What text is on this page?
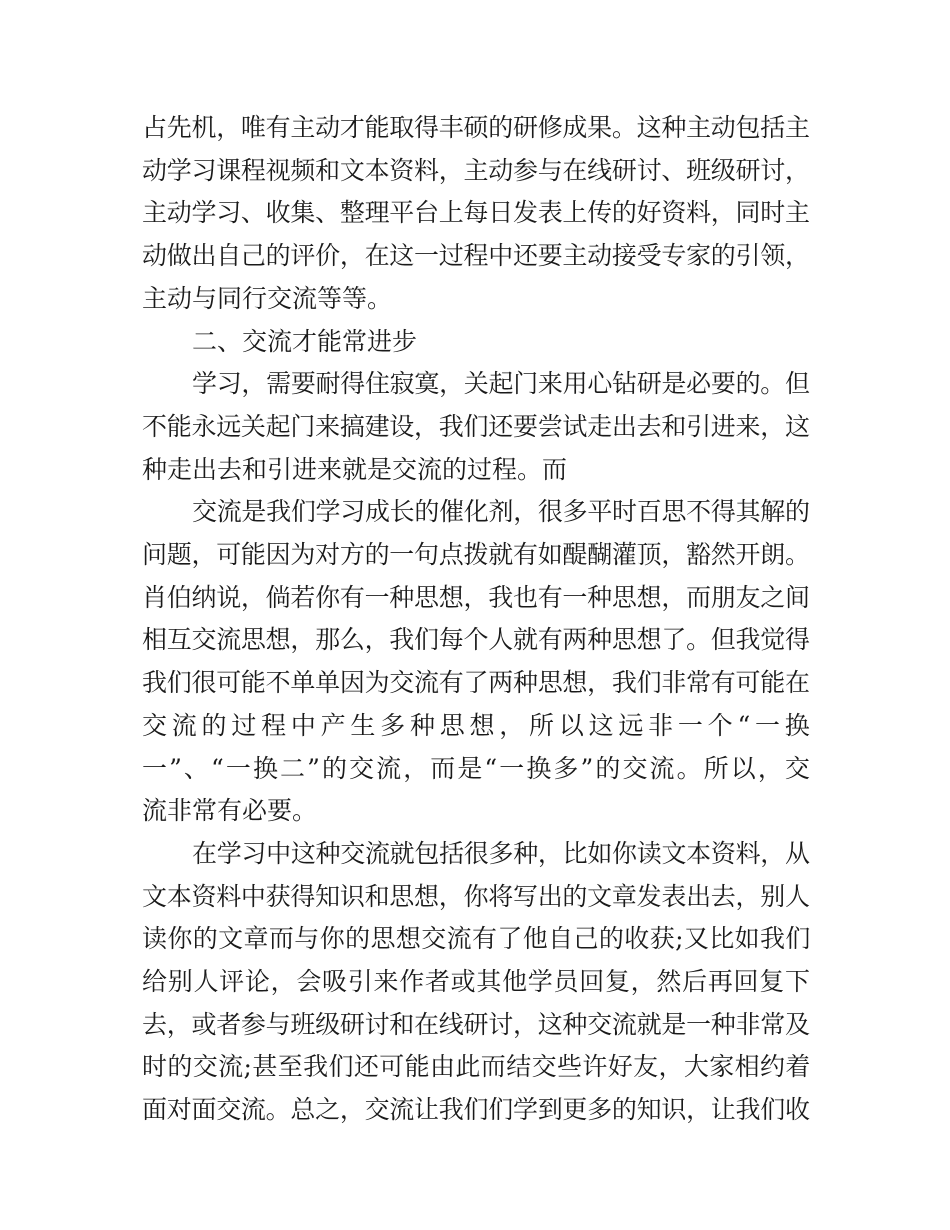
占先机，唯有主动才能取得丰硕的研修成果。这种主动包括主
动学习课程视频和文本资料，主动参与在线研讨、班级研讨，
主动学习、收集、整理平台上每日发表上传的好资料，同时主
动做出自己的评价，在这一过程中还要主动接受专家的引领，
主动与同行交流等等。
二、交流才能常进步
学习，需要耐得住寂寞，关起门来用心钻研是必要的。但
不能永远关起门来搞建设，我们还要尝试走出去和引进来，这
种走出去和引进来就是交流的过程。而
交流是我们学习成长的催化剂，很多平时百思不得其解的
问题，可能因为对方的一句点拨就有如醍醐灌顶，豁然开朗。
肖伯纳说，倘若你有一种思想，我也有一种思想，而朋友之间
相互交流思想，那么，我们每个人就有两种思想了。但我觉得
我们很可能不单单因为交流有了两种思想，我们非常有可能在
交流的过程中产生多种思想，所以这远非一个“一换
一”、“一换二”的交流，而是“一换多”的交流。所以，交
流非常有必要。
在学习中这种交流就包括很多种，比如你读文本资料，从
文本资料中获得知识和思想，你将写出的文章发表出去，别人
读你的文章而与你的思想交流有了他自己的收获;又比如我们
给别人评论，会吸引来作者或其他学员回复，然后再回复下
去，或者参与班级研讨和在线研讨，这种交流就是一种非常及
时的交流;甚至我们还可能由此而结交些许好友，大家相约着
面对面交流。总之，交流让我们们学到更多的知识，让我们收
